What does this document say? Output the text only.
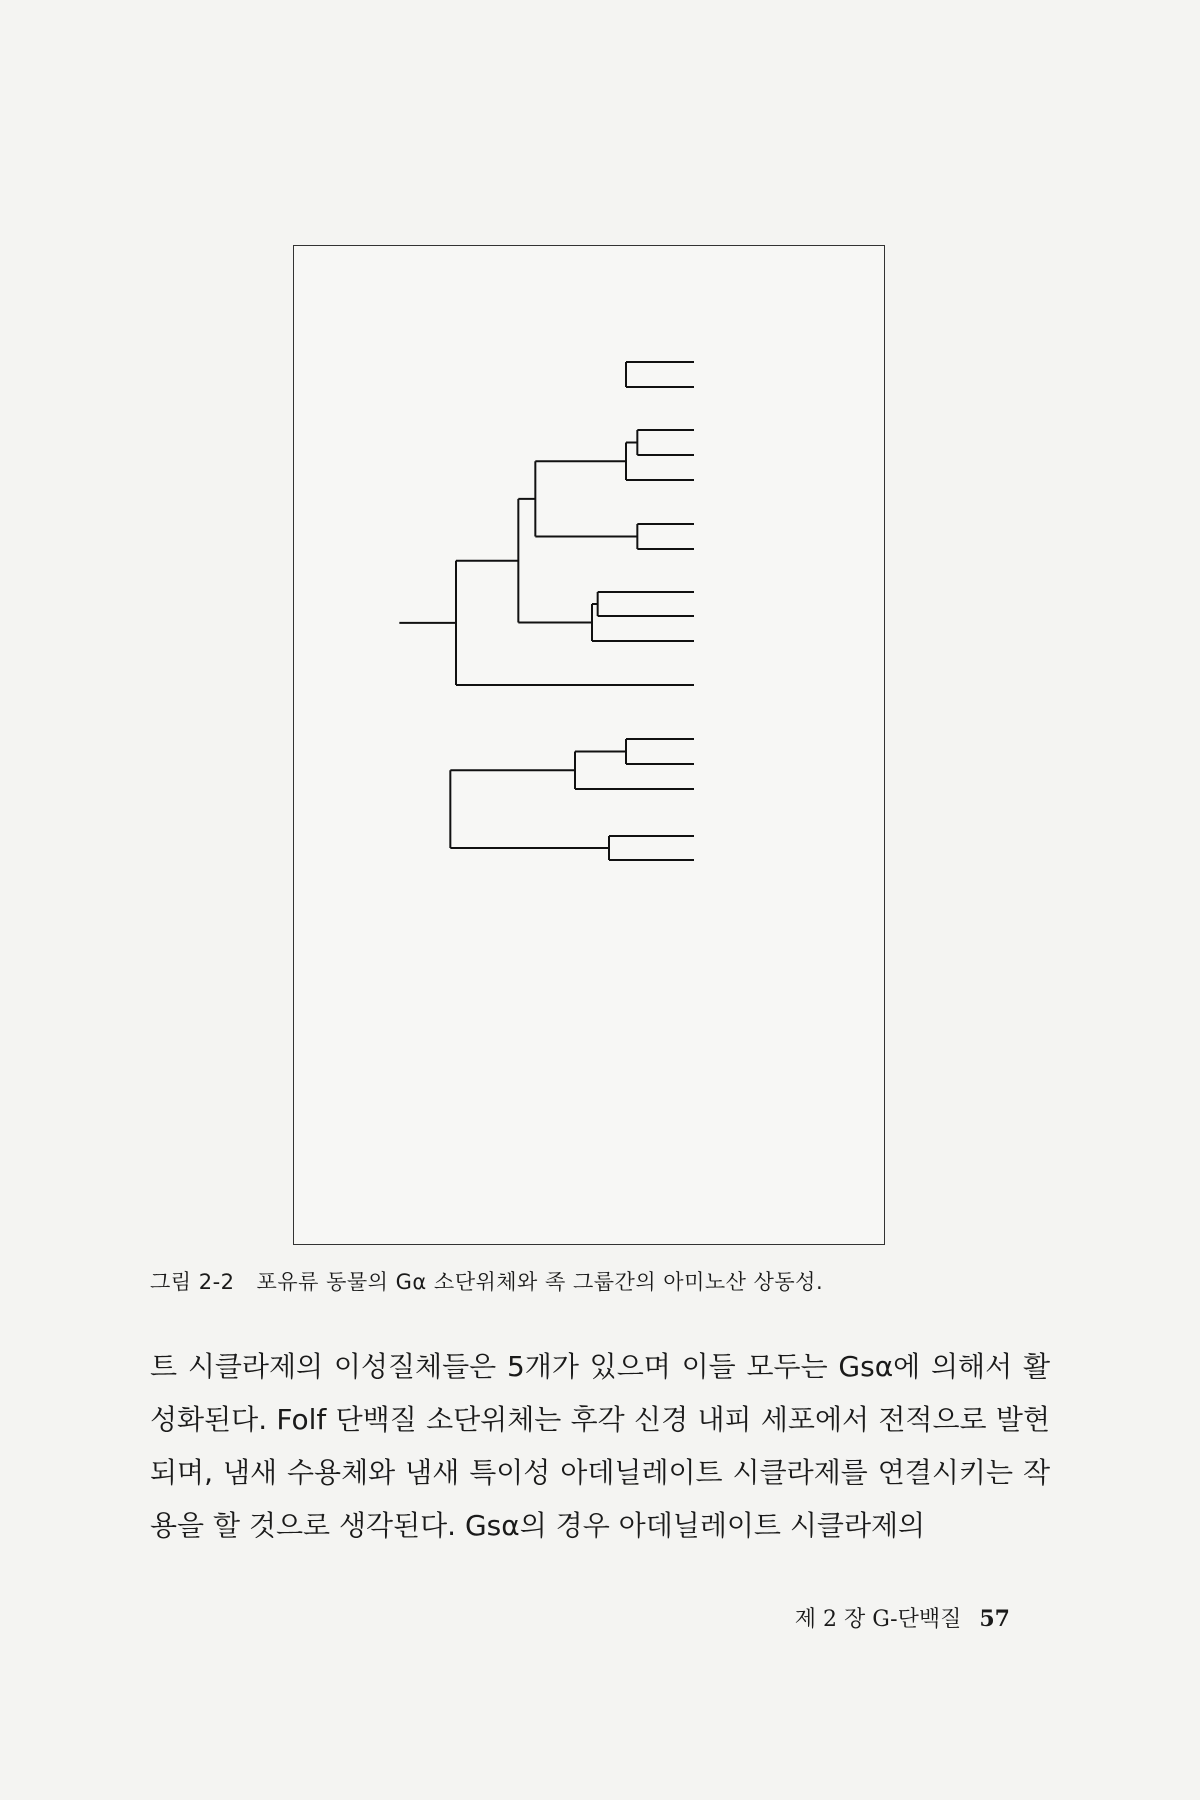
그림 2-2 포유류 동물의 Gα 소단위체와 족 그룹간의 아미노산 상동성.

트 시클라제의 이성질체들은 5개가 있으며 이들 모두는 Gsα에 의해서 활성화된다. Folf 단백질 소단위체는 후각 신경 내피 세포에서 전적으로 발현되며, 냄새 수용체와 냄새 특이성 아데닐레이트 시클라제를 연결시키는 작용을 할 것으로 생각된다. Gsα의 경우 아데닐레이트 시클라제의

제 2 장 G-단백질 57
